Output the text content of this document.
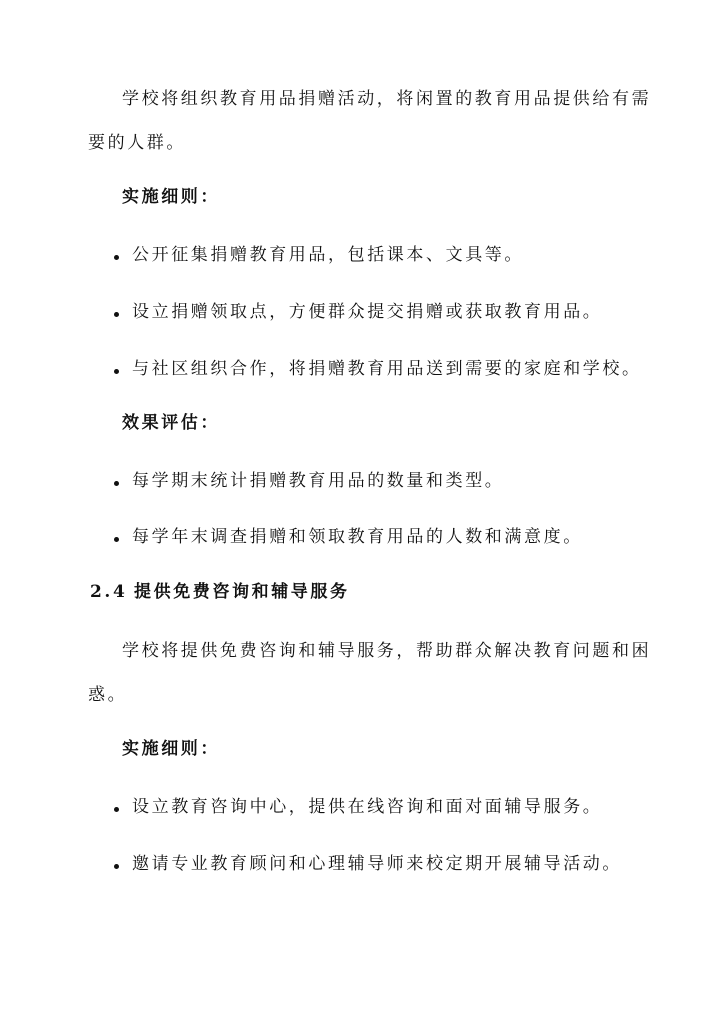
学校将组织教育用品捐赠活动，将闲置的教育用品提供给有需
要的人群。
实施细则：
公开征集捐赠教育用品，包括课本、文具等。
设立捐赠领取点，方便群众提交捐赠或获取教育用品。
与社区组织合作，将捐赠教育用品送到需要的家庭和学校。
效果评估：
每学期末统计捐赠教育用品的数量和类型。
每学年末调查捐赠和领取教育用品的人数和满意度。
2.4 提供免费咨询和辅导服务
学校将提供免费咨询和辅导服务，帮助群众解决教育问题和困
惑。
实施细则：
设立教育咨询中心，提供在线咨询和面对面辅导服务。
邀请专业教育顾问和心理辅导师来校定期开展辅导活动。
